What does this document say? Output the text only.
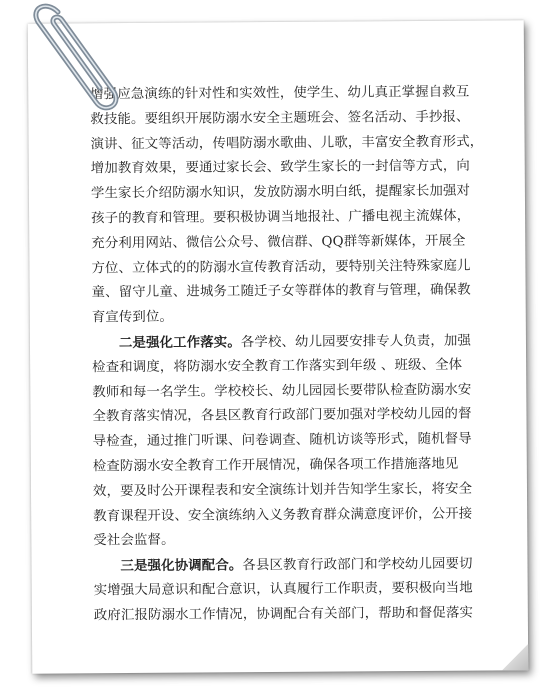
增强应急演练的针对性和实效性，使学生、幼儿真正掌握自救互
救技能。要组织开展防溺水安全主题班会、签名活动、手抄报、
演讲、征文等活动，传唱防溺水歌曲、儿歌，丰富安全教育形式，
增加教育效果，要通过家长会、致学生家长的一封信等方式，向
学生家长介绍防溺水知识，发放防溺水明白纸，提醒家长加强对
孩子的教育和管理。要积极协调当地报社、广播电视主流媒体，
充分利用网站、微信公众号、微信群、QQ群等新媒体，开展全
方位、立体式的的防溺水宣传教育活动，要特别关注特殊家庭儿
童、留守儿童、进城务工随迁子女等群体的教育与管理，确保教
育宣传到位。
二是强化工作落实。各学校、幼儿园要安排专人负责，加强
检查和调度，将防溺水安全教育工作落实到年级 、班级、全体
教师和每一名学生。学校校长、幼儿园园长要带队检查防溺水安
全教育落实情况，各县区教育行政部门要加强对学校幼儿园的督
导检查，通过推门听课、问卷调查、随机访谈等形式，随机督导
检查防溺水安全教育工作开展情况，确保各项工作措施落地见
效，要及时公开课程表和安全演练计划并告知学生家长，将安全
教育课程开设、安全演练纳入义务教育群众满意度评价，公开接
受社会监督。
三是强化协调配合。各县区教育行政部门和学校幼儿园要切
实增强大局意识和配合意识，认真履行工作职责，要积极向当地
政府汇报防溺水工作情况，协调配合有关部门，帮助和督促落实
